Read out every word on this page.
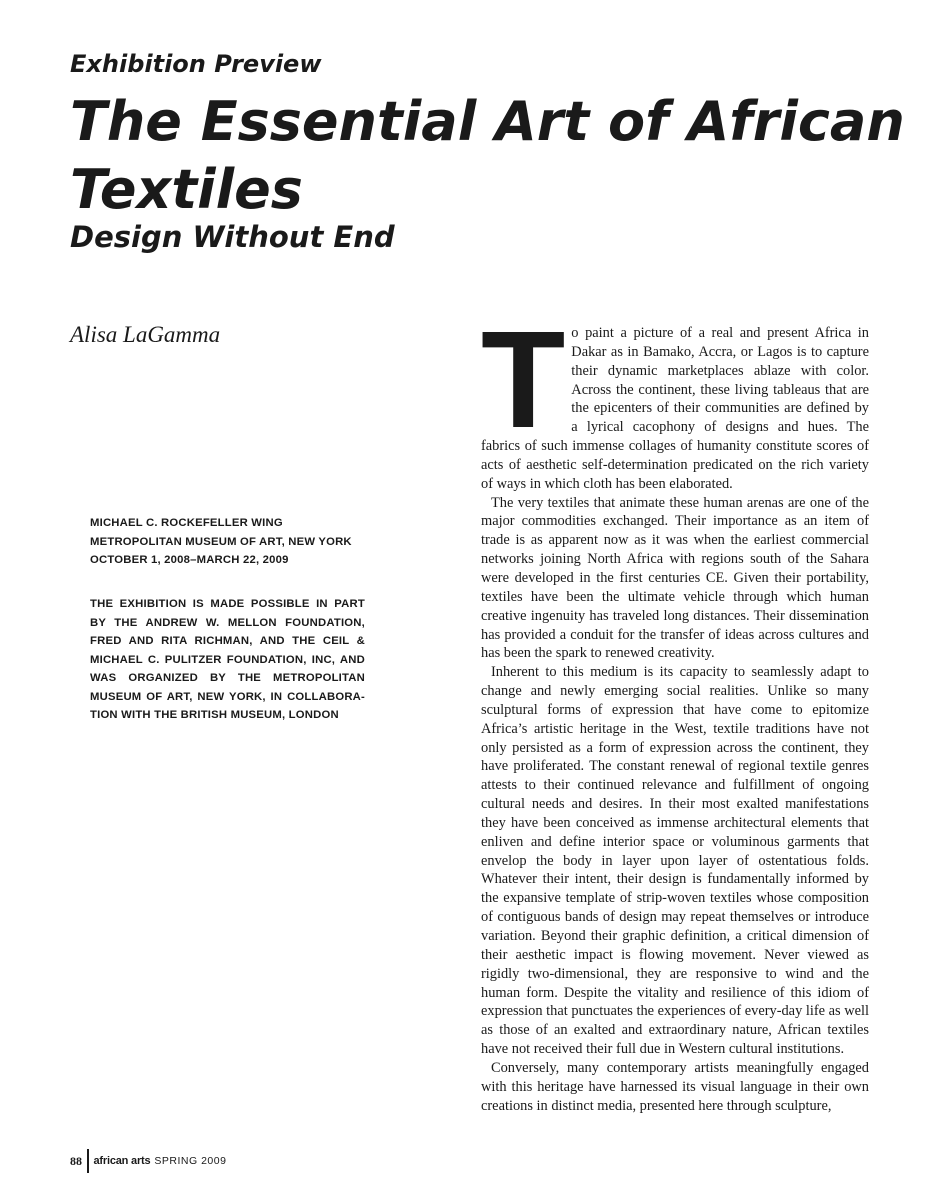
Exhibition Preview
The Essential Art of African Textiles
Design Without End
Alisa LaGamma
MICHAEL C. ROCKEFELLER WING
METROPOLITAN MUSEUM OF ART, NEW YORK
OCTOBER 1, 2008–MARCH 22, 2009
THE EXHIBITION IS MADE POSSIBLE IN PART BY THE ANDREW W. MELLON FOUNDATION, FRED AND RITA RICHMAN, AND THE CEIL & MICHAEL C. PULITZER FOUNDATION, INC, AND WAS ORGANIZED BY THE METROPOLITAN MUSEUM OF ART, NEW YORK, IN COLLABORA-TION WITH THE BRITISH MUSEUM, LONDON

To paint a picture of a real and present Africa in Dakar as in Bamako, Accra, or Lagos is to capture their dynamic marketplaces ablaze with color. Across the continent, these living tableaus that are the epicenters of their communities are defined by a lyrical cacophony of designs and hues. The fabrics of such immense collages of humanity constitute scores of acts of aesthetic self-determination predicated on the rich variety of ways in which cloth has been elaborated.

The very textiles that animate these human arenas are one of the major commodities exchanged. Their importance as an item of trade is as apparent now as it was when the earliest commercial networks joining North Africa with regions south of the Sahara were developed in the first centuries CE. Given their portability, textiles have been the ultimate vehicle through which human creative ingenuity has traveled long distances. Their dissemination has provided a conduit for the transfer of ideas across cultures and has been the spark to renewed creativity.

Inherent to this medium is its capacity to seamlessly adapt to change and newly emerging social realities. Unlike so many sculptural forms of expression that have come to epitomize Africa’s artistic heritage in the West, textile traditions have not only persisted as a form of expression across the continent, they have proliferated. The constant renewal of regional textile genres attests to their continued relevance and fulfillment of ongoing cultural needs and desires. In their most exalted manifestations they have been conceived as immense architectural elements that enliven and define interior space or voluminous garments that envelop the body in layer upon layer of ostentatious folds. Whatever their intent, their design is fundamentally informed by the expansive template of strip-woven textiles whose composition of contiguous bands of design may repeat themselves or introduce variation. Beyond their graphic definition, a critical dimension of their aesthetic impact is flowing movement. Never viewed as rigidly two-dimensional, they are responsive to wind and the human form. Despite the vitality and resilience of this idiom of expression that punctuates the experiences of every-day life as well as those of an exalted and extraordinary nature, African textiles have not received their full due in Western cultural institutions.

Conversely, many contemporary artists meaningfully engaged with this heritage have harnessed its visual language in their own creations in distinct media, presented here through sculpture,

88 african arts SPRING 2009
